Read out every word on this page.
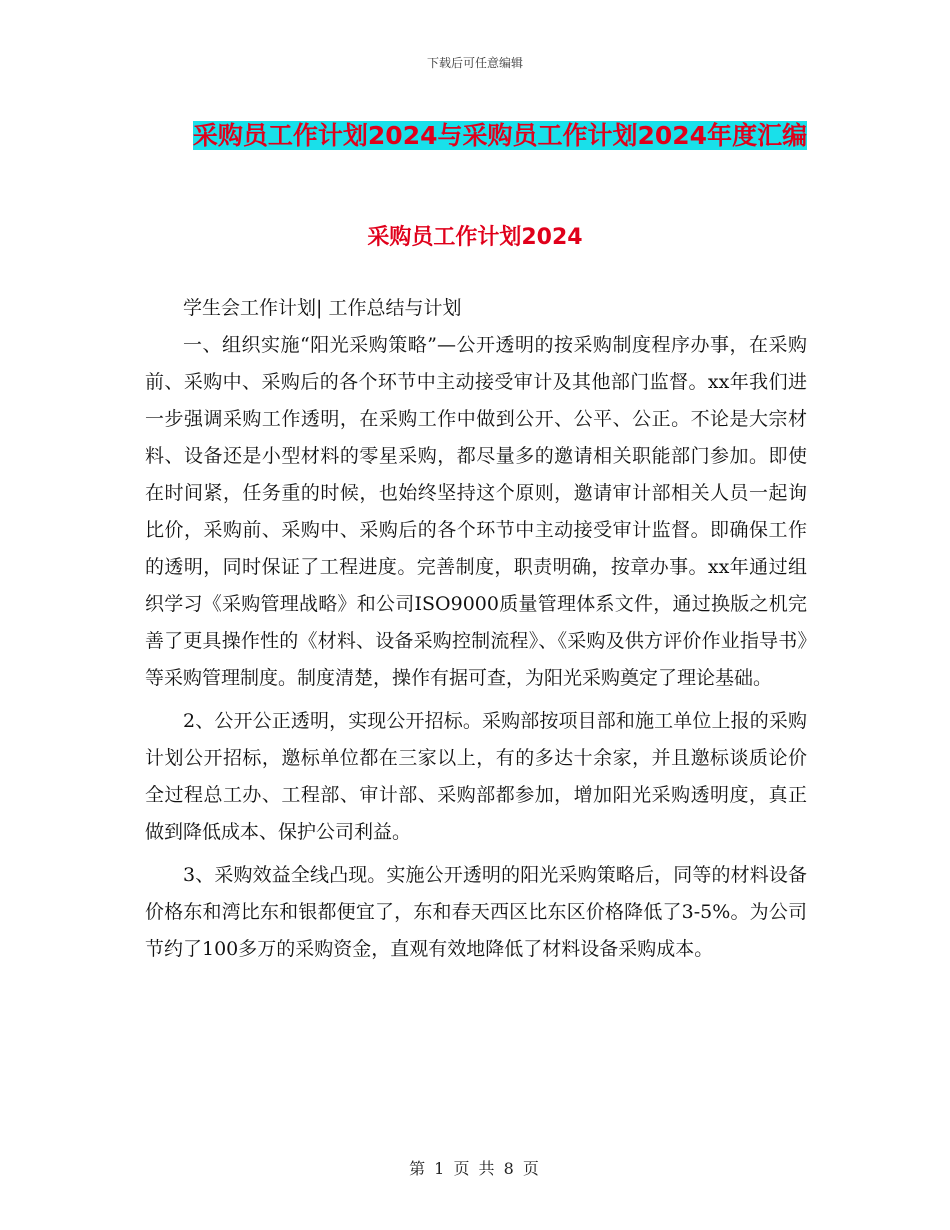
下载后可任意编辑
采购员工作计划2024与采购员工作计划2024年度汇编
采购员工作计划2024

学生会工作计划| 工作总结与计划

一、组织实施“阳光采购策略”—公开透明的按采购制度程序办事，在采购前、采购中、采购后的各个环节中主动接受审计及其他部门监督。xx年我们进一步强调采购工作透明，在采购工作中做到公开、公平、公正。不论是大宗材料、设备还是小型材料的零星采购，都尽量多的邀请相关职能部门参加。即使在时间紧，任务重的时候，也始终坚持这个原则，邀请审计部相关人员一起询比价，采购前、采购中、采购后的各个环节中主动接受审计监督。即确保工作的透明，同时保证了工程进度。完善制度，职责明确，按章办事。xx年通过组织学习《采购管理战略》和公司ISO9000质量管理体系文件，通过换版之机完善了更具操作性的《材料、设备采购控制流程》、《采购及供方评价作业指导书》等采购管理制度。制度清楚，操作有据可查，为阳光采购奠定了理论基础。

2、公开公正透明，实现公开招标。采购部按项目部和施工单位上报的采购计划公开招标，邀标单位都在三家以上，有的多达十余家，并且邀标谈质论价全过程总工办、工程部、审计部、采购部都参加，增加阳光采购透明度，真正做到降低成本、保护公司利益。

3、采购效益全线凸现。实施公开透明的阳光采购策略后，同等的材料设备价格东和湾比东和银都便宜了，东和春天西区比东区价格降低了3-5%。为公司节约了100多万的采购资金，直观有效地降低了材料设备采购成本。

第 1 页 共 8 页
